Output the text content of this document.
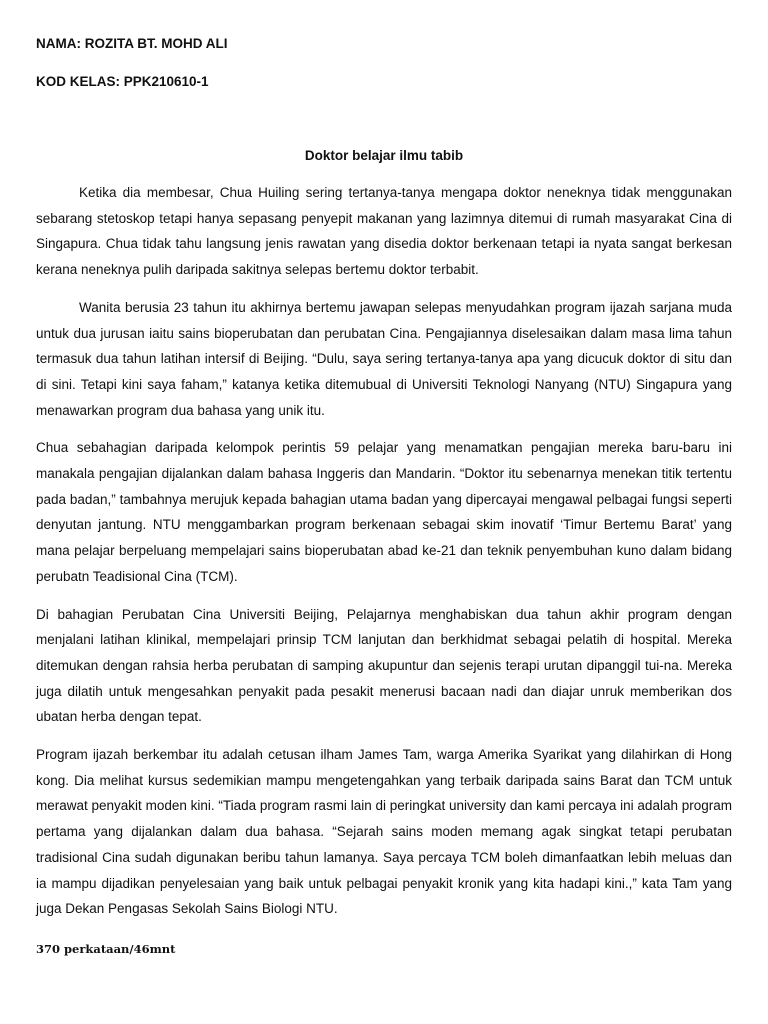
NAMA: ROZITA BT. MOHD ALI

KOD KELAS: PPK210610-1

Doktor belajar ilmu tabib

Ketika dia membesar, Chua Huiling sering tertanya-tanya mengapa doktor neneknya tidak menggunakan sebarang stetoskop tetapi hanya sepasang penyepit makanan yang lazimnya ditemui di rumah masyarakat Cina di Singapura. Chua tidak tahu langsung jenis rawatan yang disedia doktor berkenaan tetapi ia nyata sangat berkesan kerana neneknya pulih daripada sakitnya selepas bertemu doktor terbabit.

Wanita berusia 23 tahun itu akhirnya bertemu jawapan selepas menyudahkan program ijazah sarjana muda untuk dua jurusan iaitu sains bioperubatan dan perubatan Cina. Pengajiannya diselesaikan dalam masa lima tahun termasuk dua tahun latihan intersif di Beijing. “Dulu, saya sering tertanya-tanya apa yang dicucuk doktor di situ dan di sini. Tetapi kini saya faham,” katanya ketika ditemubual di Universiti Teknologi Nanyang (NTU) Singapura yang menawarkan program dua bahasa yang unik itu.

Chua sebahagian daripada kelompok perintis 59 pelajar yang menamatkan pengajian mereka baru-baru ini manakala pengajian dijalankan dalam bahasa Inggeris dan Mandarin. “Doktor itu sebenarnya menekan titik tertentu pada badan,” tambahnya merujuk kepada bahagian utama badan yang dipercayai mengawal pelbagai fungsi seperti denyutan jantung. NTU menggambarkan program berkenaan sebagai skim inovatif ‘Timur Bertemu Barat’ yang mana pelajar berpeluang mempelajari sains bioperubatan abad ke-21 dan teknik penyembuhan kuno dalam bidang perubatn Teadisional Cina (TCM).

Di bahagian Perubatan Cina Universiti Beijing, Pelajarnya menghabiskan dua tahun akhir program dengan menjalani latihan klinikal, mempelajari prinsip TCM lanjutan dan berkhidmat sebagai pelatih di hospital. Mereka ditemukan dengan rahsia herba perubatan di samping akupuntur dan sejenis terapi urutan dipanggil tui-na. Mereka juga dilatih untuk mengesahkan penyakit pada pesakit menerusi bacaan nadi dan diajar unruk memberikan dos ubatan herba dengan tepat.

Program ijazah berkembar itu adalah cetusan ilham James Tam, warga Amerika Syarikat yang dilahirkan di Hong kong. Dia melihat kursus sedemikian mampu mengetengahkan yang terbaik daripada sains Barat dan TCM untuk merawat penyakit moden kini. “Tiada program rasmi lain di peringkat university dan kami percaya ini adalah program pertama yang dijalankan dalam dua bahasa. “Sejarah sains moden memang agak singkat tetapi perubatan tradisional Cina sudah digunakan beribu tahun lamanya. Saya percaya TCM boleh dimanfaatkan lebih meluas dan ia mampu dijadikan penyelesaian yang baik untuk pelbagai penyakit kronik yang kita hadapi kini.,” kata Tam yang juga Dekan Pengasas Sekolah Sains Biologi NTU.

370 perkataan/46mnt
